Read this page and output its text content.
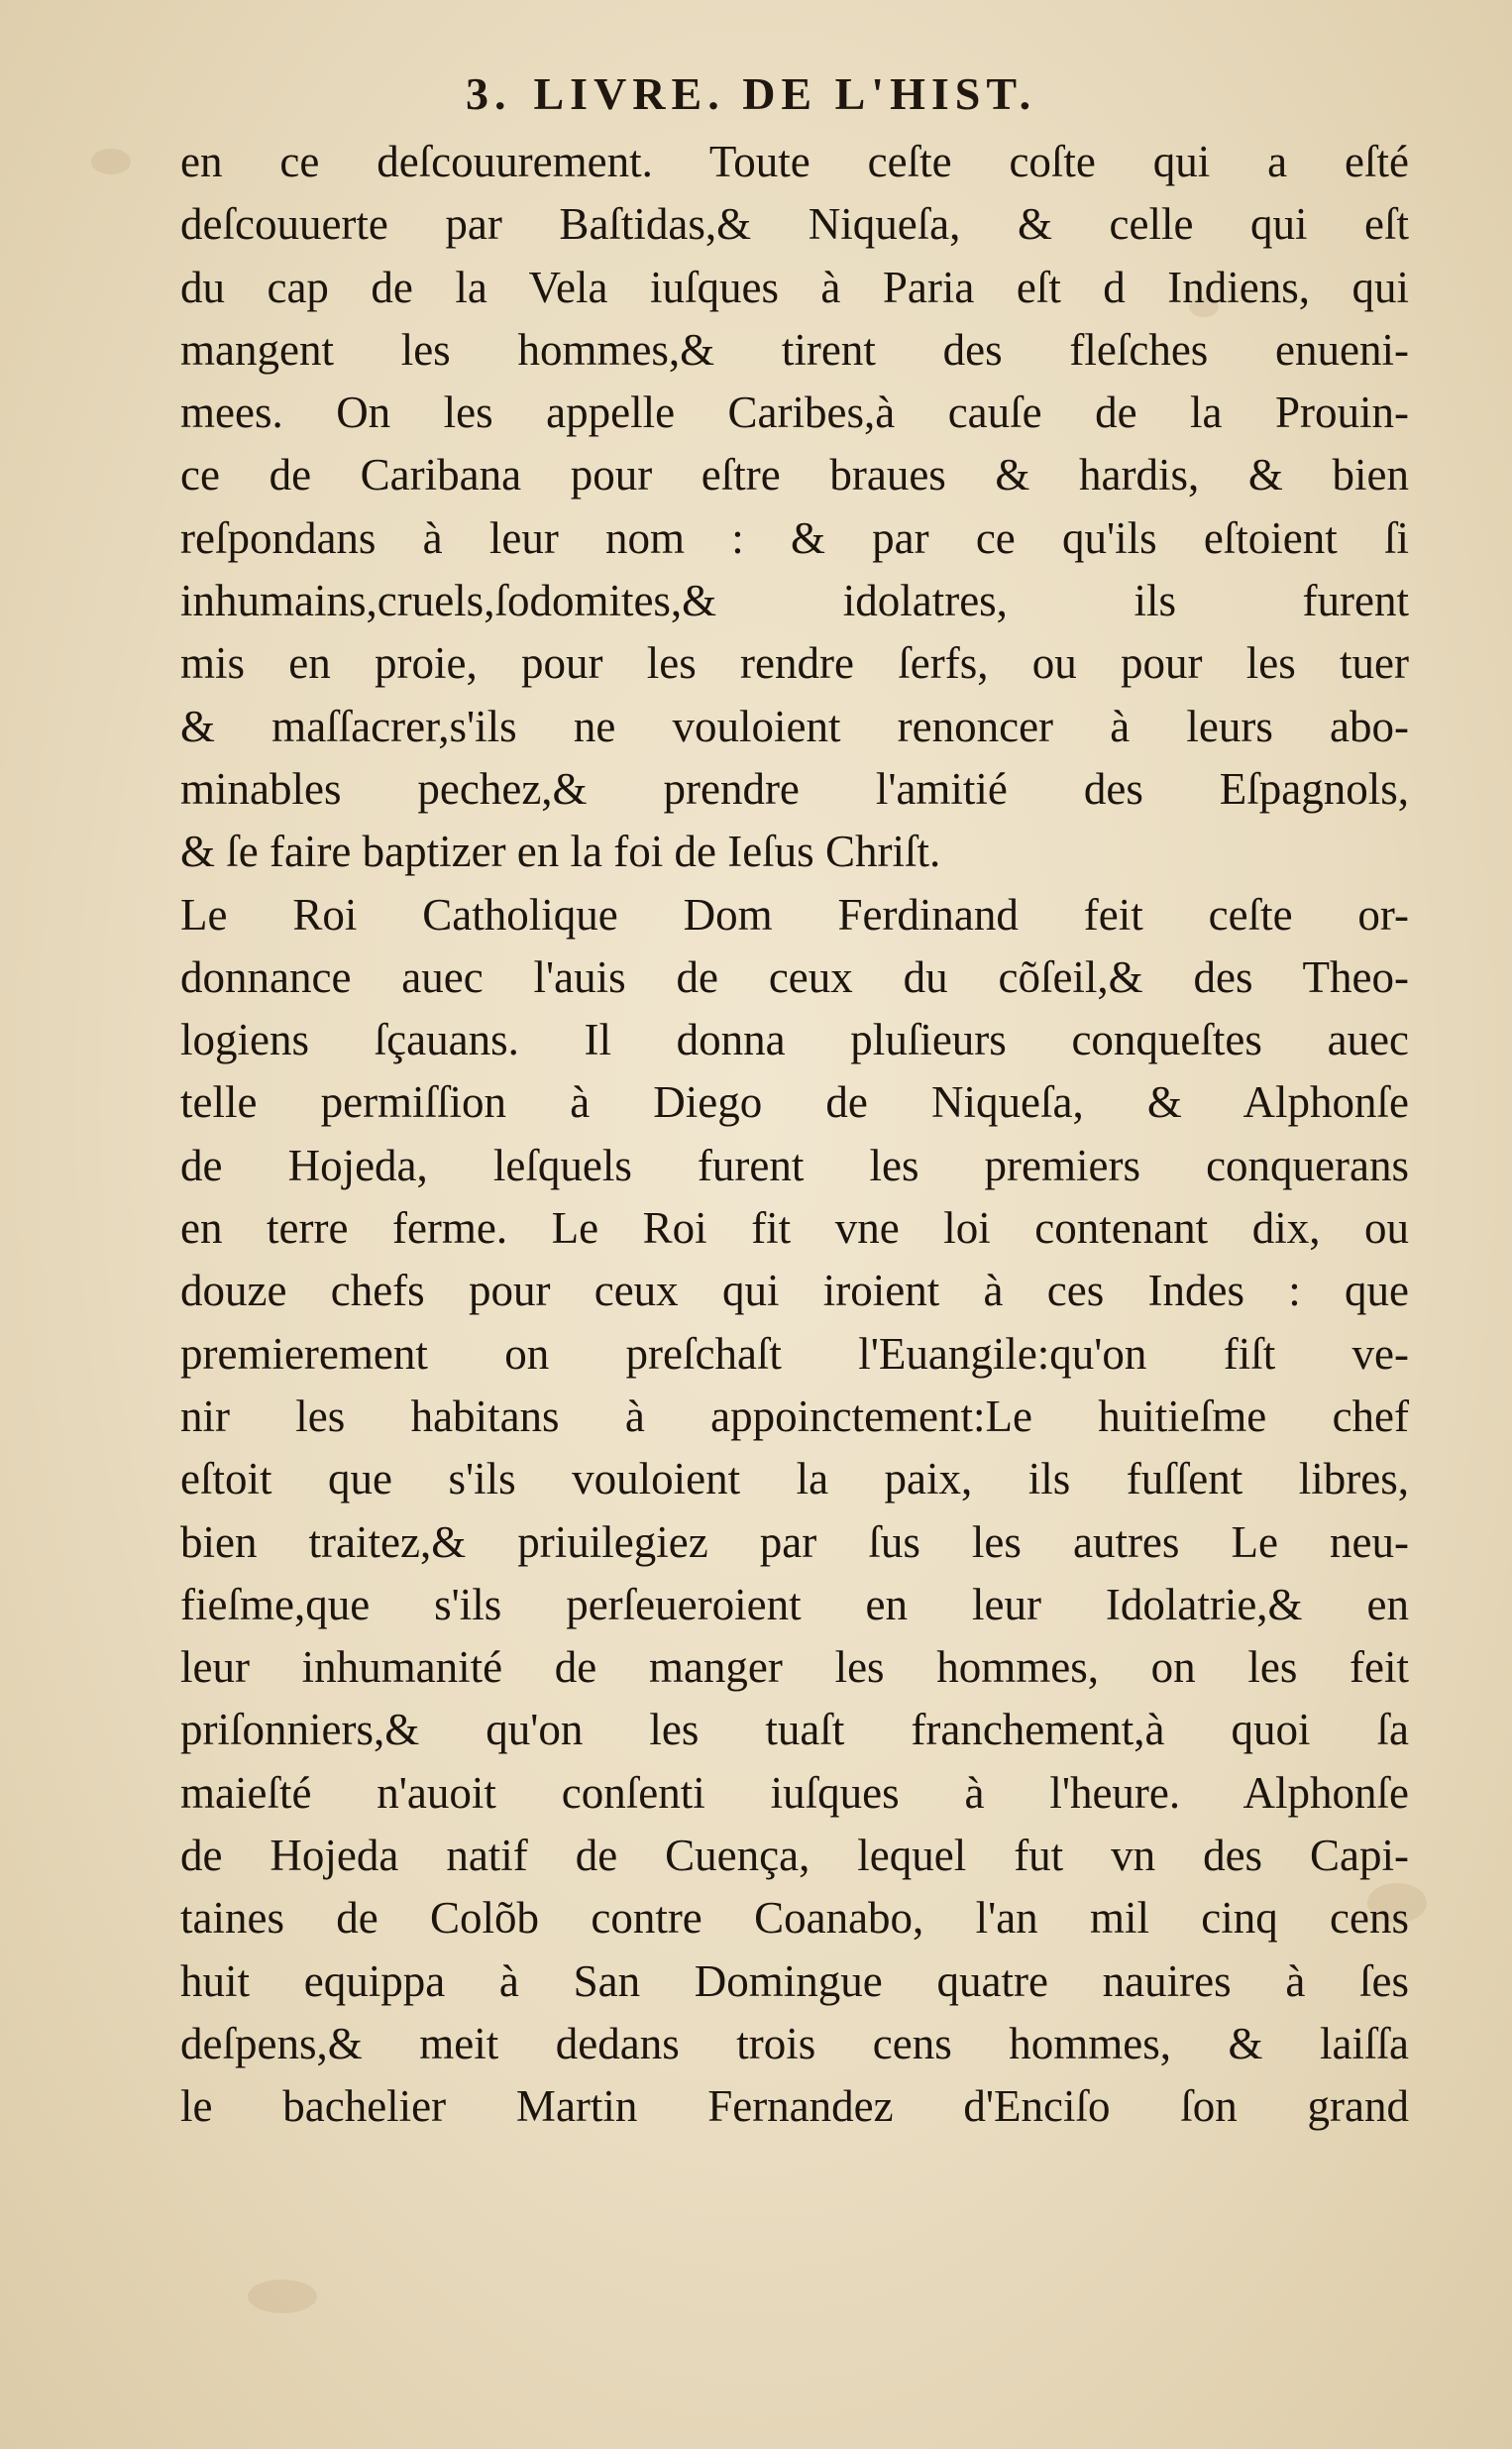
3. LIVRE. DE L'HIST.
en ce deſcouurement. Toute ceſte coſte qui a eſté
deſcouuerte par Baſtidas,& Niqueſa, & celle qui eſt
du cap de la Vela iuſques à Paria eſt d Indiens, qui
mangent les hommes,& tirent des fleſches enueni-
mees. On les appelle Caribes,à cauſe de la Prouin-
ce de Caribana pour eſtre braues & hardis, & bien
reſpondans à leur nom : & par ce qu'ils eſtoient ſi
inhumains,cruels,ſodomites,& idolatres, ils furent
mis en proie, pour les rendre ſerfs, ou pour les tuer
& maſſacrer,s'ils ne vouloient renoncer à leurs abo-
minables pechez,& prendre l'amitié des Eſpagnols,
& ſe faire baptizer en la foi de Ieſus Chriſt.
Le Roi Catholique Dom Ferdinand feit ceſte or-
donnance auec l'auis de ceux du cõſeil,& des Theo-
logiens ſçauans. Il donna pluſieurs conqueſtes auec
telle permiſſion à Diego de Niqueſa, & Alphonſe
de Hojeda, leſquels furent les premiers conquerans
en terre ferme. Le Roi fit vne loi contenant dix, ou
douze chefs pour ceux qui iroient à ces Indes : que
premierement on preſchaſt l'Euangile:qu'on fiſt ve-
nir les habitans à appoinctement:Le huitieſme chef
eſtoit que s'ils vouloient la paix, ils fuſſent libres,
bien traitez,& priuilegiez par ſus les autres Le neu-
fieſme,que s'ils perſeueroient en leur Idolatrie,& en
leur inhumanité de manger les hommes, on les feit
priſonniers,& qu'on les tuaſt franchement,à quoi ſa
maieſté n'auoit conſenti iuſques à l'heure. Alphonſe
de Hojeda natif de Cuença, lequel fut vn des Capi-
taines de Colõb contre Coanabo, l'an mil cinq cens
huit equippa à San Domingue quatre nauires à ſes
deſpens,& meit dedans trois cens hommes, & laiſſa
le bachelier Martin Fernandez d'Enciſo ſon grand
